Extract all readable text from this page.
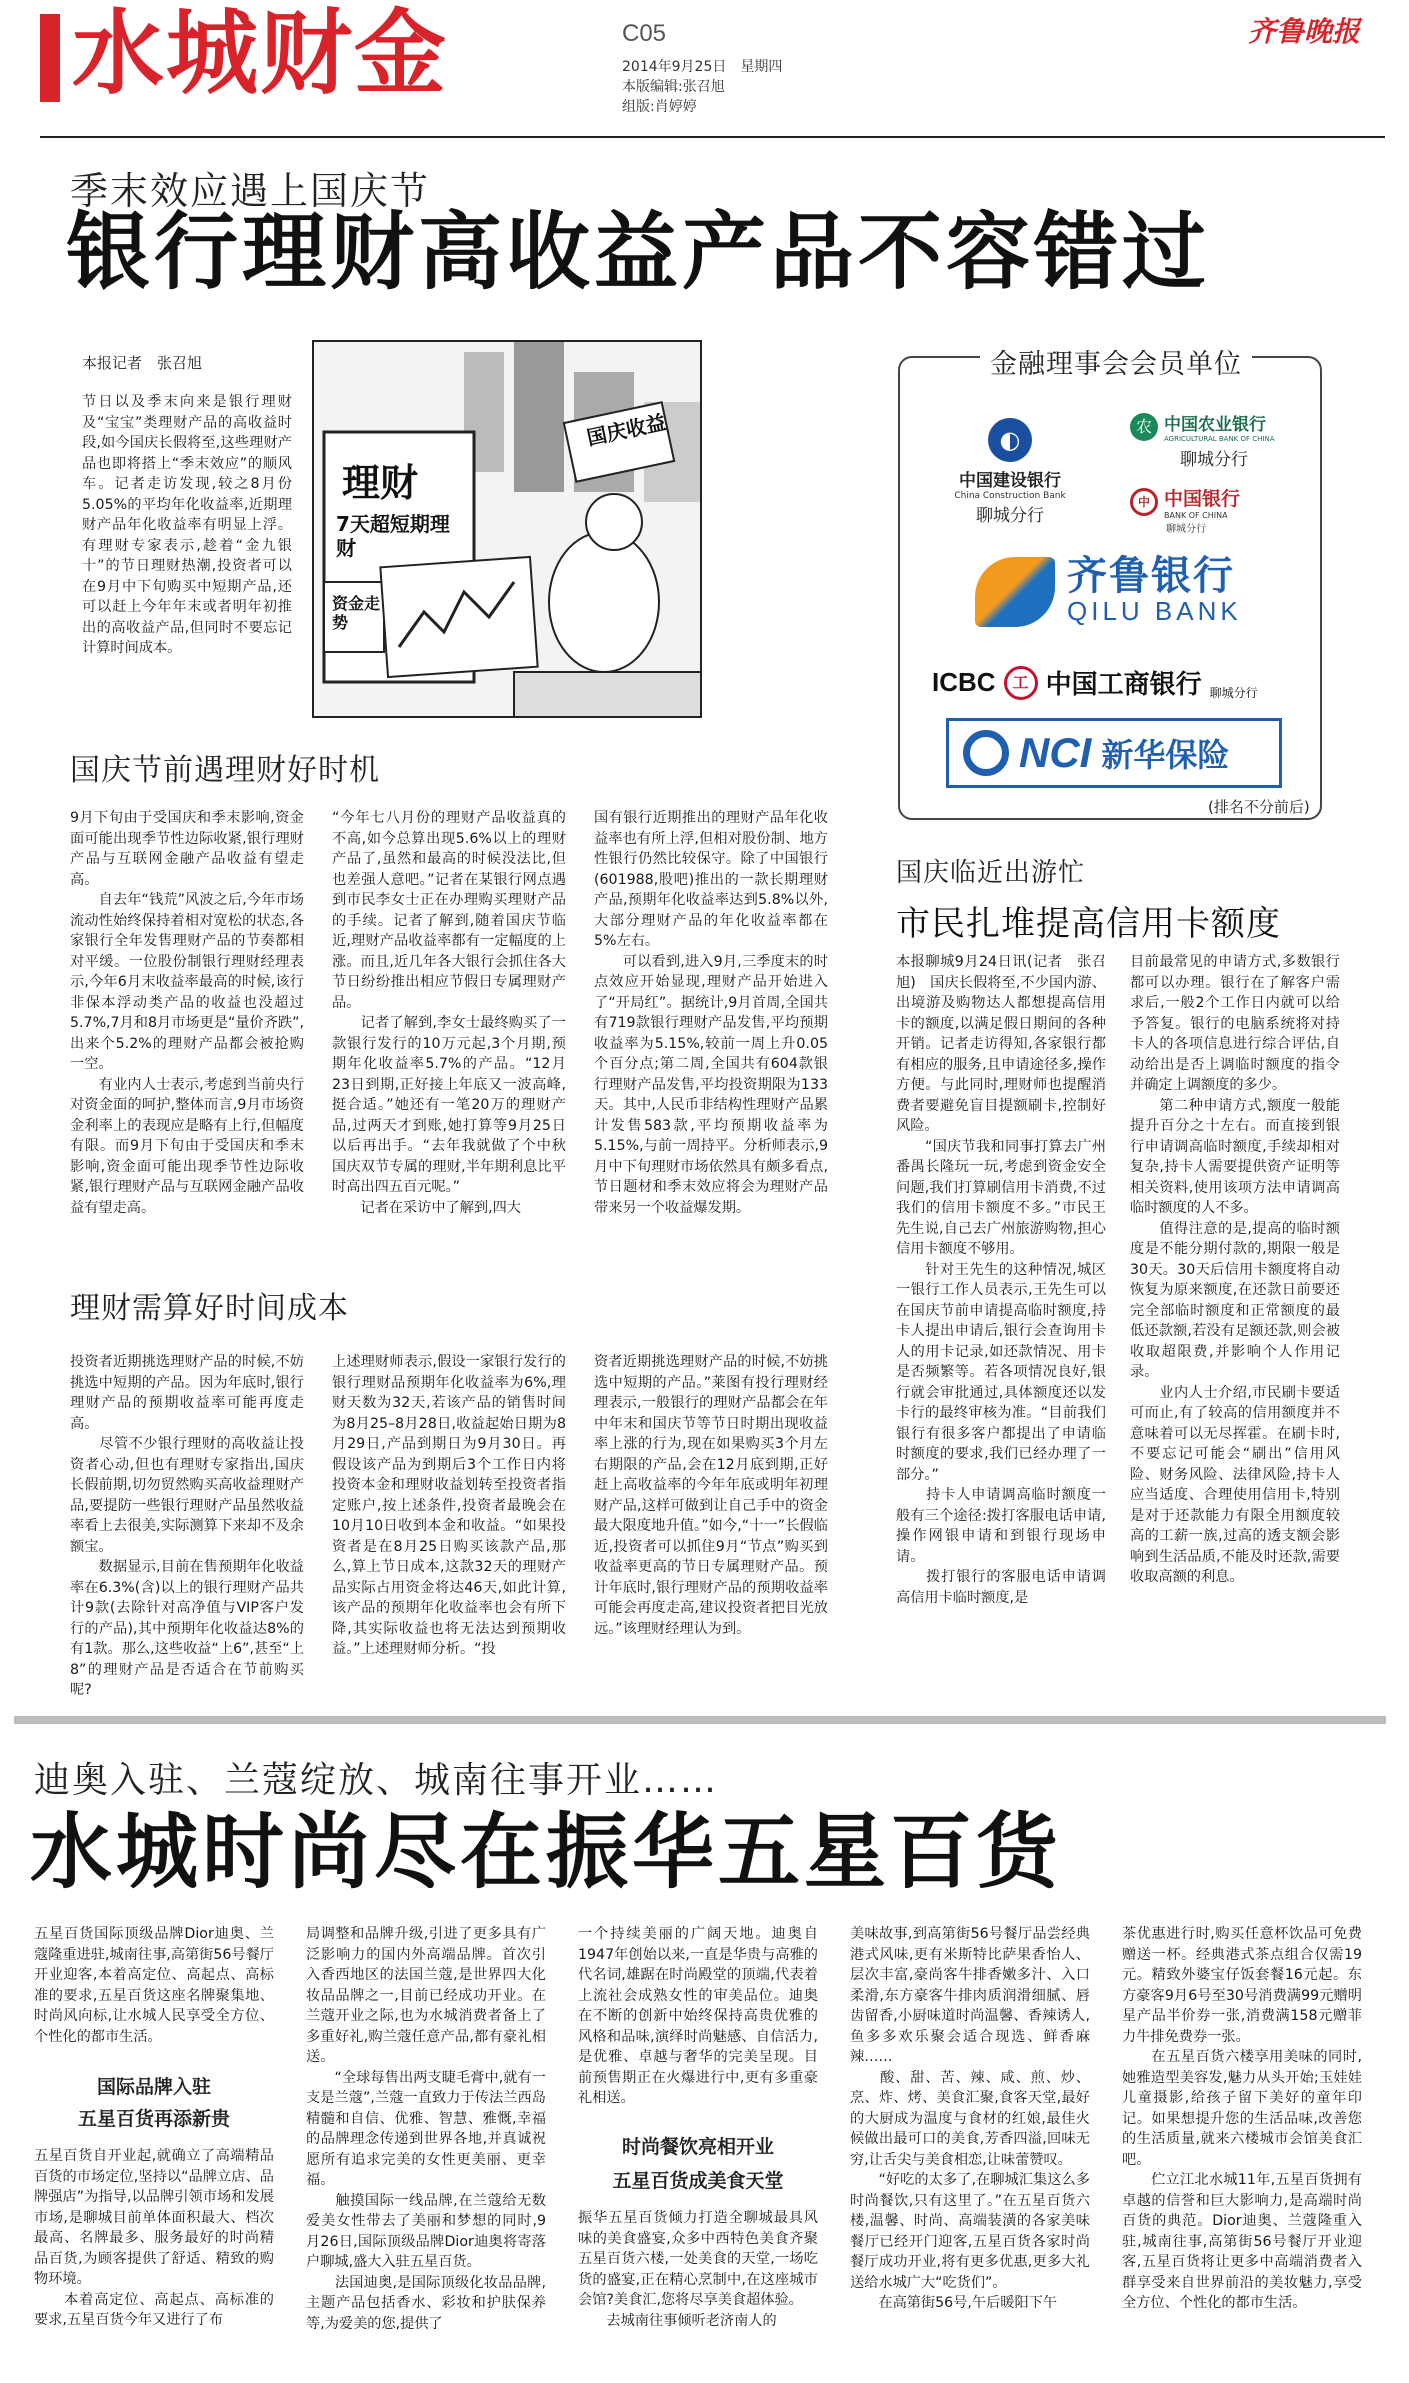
水城财金	C05
2014年9月25日　星期四
本版编辑:张召旭
组版:肖婷婷
齐鲁晚报
季末效应遇上国庆节
银行理财高收益产品不容错过
本报记者　张召旭
节日以及季末向来是银行理财及“宝宝”类理财产品的高收益时段,如今国庆长假将至,这些理财产品也即将搭上“季末效应”的顺风车。记者走访发现,较之8月份5.05%的平均年化收益率,近期理财产品年化收益率有明显上浮。有理财专家表示,趁着“金九银十”的节日理财热潮,投资者可以在9月中下旬购买中短期产品,还可以赶上今年年末或者明年初推出的高收益产品,但同时不要忘记计算时间成本。
理财
7天超短期理财
资金走势
国庆收益
金融理事会会员单位
◐
中国建设银行
China Construction Bank
聊城分行
农 中国农业银行
AGRICULTURAL BANK OF CHINA
聊城分行
中 中国银行
BANK OF CHINA
聊城分行
齐鲁银行
QILU BANK
ICBC	工 中国工商银行 聊城分行
NCI 新华保险
(排名不分前后)
国庆节前遇理财好时机
9月下旬由于受国庆和季末影响,资金面可能出现季节性边际收紧,银行理财产品与互联网金融产品收益有望走高。
　　自去年“钱荒”风波之后,今年市场流动性始终保持着相对宽松的状态,各家银行全年发售理财产品的节奏都相对平缓。一位股份制银行理财经理表示,今年6月末收益率最高的时候,该行非保本浮动类产品的收益也没超过5.7%,7月和8月市场更是“量价齐跌”,出来个5.2%的理财产品都会被抢购一空。
　　有业内人士表示,考虑到当前央行对资金面的呵护,整体而言,9月市场资金利率上的表现应是略有上行,但幅度有限。而9月下旬由于受国庆和季末影响,资金面可能出现季节性边际收紧,银行理财产品与互联网金融产品收益有望走高。
“今年七八月份的理财产品收益真的不高,如今总算出现5.6%以上的理财产品了,虽然和最高的时候没法比,但也差强人意吧。”记者在某银行网点遇到市民李女士正在办理购买理财产品的手续。记者了解到,随着国庆节临近,理财产品收益率都有一定幅度的上涨。而且,近几年各大银行会抓住各大节日纷纷推出相应节假日专属理财产品。
　　记者了解到,李女士最终购买了一款银行发行的10万元起,3个月期,预期年化收益率5.7%的产品。“12月23日到期,正好接上年底又一波高峰,挺合适。”她还有一笔20万的理财产品,过两天才到账,她打算等9月25日以后再出手。“去年我就做了个中秋国庆双节专属的理财,半年期利息比平时高出四五百元呢。”
　　记者在采访中了解到,四大
国有银行近期推出的理财产品年化收益率也有所上浮,但相对股份制、地方性银行仍然比较保守。除了中国银行(601988,股吧)推出的一款长期理财产品,预期年化收益率达到5.8%以外,大部分理财产品的年化收益率都在5%左右。
　　可以看到,进入9月,三季度末的时点效应开始显现,理财产品开始进入了“开局红”。据统计,9月首周,全国共有719款银行理财产品发售,平均预期收益率为5.15%,较前一周上升0.05个百分点;第二周,全国共有604款银行理财产品发售,平均投资期限为133天。其中,人民币非结构性理财产品累计发售583款,平均预期收益率为5.15%,与前一周持平。分析师表示,9月中下旬理财市场依然具有颇多看点,节日题材和季末效应将会为理财产品带来另一个收益爆发期。
理财需算好时间成本
投资者近期挑选理财产品的时候,不妨挑选中短期的产品。因为年底时,银行理财产品的预期收益率可能再度走高。
　　尽管不少银行理财的高收益让投资者心动,但也有理财专家指出,国庆长假前期,切勿贸然购买高收益理财产品,要提防一些银行理财产品虽然收益率看上去很美,实际测算下来却不及余额宝。
　　数据显示,目前在售预期年化收益率在6.3%(含)以上的银行理财产品共计9款(去除针对高净值与VIP客户发行的产品),其中预期年化收益达8%的有1款。那么,这些收益“上6”,甚至“上8”的理财产品是否适合在节前购买呢?
上述理财师表示,假设一家银行发行的银行理财品预期年化收益率为6%,理财天数为32天,若该产品的销售时间为8月25–8月28日,收益起始日期为8月29日,产品到期日为9月30日。再假设该产品为到期后3个工作日内将投资本金和理财收益划转至投资者指定账户,按上述条件,投资者最晚会在10月10日收到本金和收益。“如果投资者是在8月25日购买该款产品,那么,算上节日成本,这款32天的理财产品实际占用资金将达46天,如此计算,该产品的预期年化收益率也会有所下降,其实际收益也将无法达到预期收益。”上述理财师分析。“投
资者近期挑选理财产品的时候,不妨挑选中短期的产品。”莱图有投行理财经理表示,一般银行的理财产品都会在年中年末和国庆节等节日时期出现收益率上涨的行为,现在如果购买3个月左右期限的产品,会在12月底到期,正好赶上高收益率的今年年底或明年初理财产品,这样可做到让自己手中的资金最大限度地升值。”如今,“十一”长假临近,投资者可以抓住9月“节点”购买到收益率更高的节日专属理财产品。预计年底时,银行理财产品的预期收益率可能会再度走高,建议投资者把目光放远。”该理财经理认为到。
国庆临近出游忙
市民扎堆提高信用卡额度
本报聊城9月24日讯(记者　张召旭)　国庆长假将至,不少国内游、出境游及购物达人都想提高信用卡的额度,以满足假日期间的各种开销。记者走访得知,各家银行都有相应的服务,且申请途径多,操作方便。与此同时,理财师也提醒消费者要避免盲目提额刷卡,控制好风险。
　　“国庆节我和同事打算去广州番禺长隆玩一玩,考虑到资金安全问题,我们打算刷信用卡消费,不过我们的信用卡额度不多。”市民王先生说,自己去广州旅游购物,担心信用卡额度不够用。
　　针对王先生的这种情况,城区一银行工作人员表示,王先生可以在国庆节前申请提高临时额度,持卡人提出申请后,银行会查询用卡人的用卡记录,如还款情况、用卡是否频繁等。若各项情况良好,银行就会审批通过,具体额度还以发卡行的最终审核为准。“目前我们银行有很多客户都提出了申请临时额度的要求,我们已经办理了一部分。”
　　持卡人申请调高临时额度一般有三个途径:拨打客服电话申请,操作网银申请和到银行现场申请。
　　拨打银行的客服电话申请调高信用卡临时额度,是
目前最常见的申请方式,多数银行都可以办理。银行在了解客户需求后,一般2个工作日内就可以给予答复。银行的电脑系统将对持卡人的各项信息进行综合评估,自动给出是否上调临时额度的指令并确定上调额度的多少。
　　第二种申请方式,额度一般能提升百分之十左右。而直接到银行申请调高临时额度,手续却相对复杂,持卡人需要提供资产证明等相关资料,使用该项方法申请调高临时额度的人不多。
　　值得注意的是,提高的临时额度是不能分期付款的,期限一般是30天。30天后信用卡额度将自动恢复为原来额度,在还款日前要还完全部临时额度和正常额度的最低还款额,若没有足额还款,则会被收取超限费,并影响个人作用记录。
　　业内人士介绍,市民刷卡要适可而止,有了较高的信用额度并不意味着可以无尽挥霍。在刷卡时,不要忘记可能会“刷出”信用风险、财务风险、法律风险,持卡人应当适度、合理使用信用卡,特别是对于还款能力有限全用额度较高的工薪一族,过高的透支额会影响到生活品质,不能及时还款,需要收取高额的利息。
迪奥入驻、兰蔻绽放、城南往事开业……
水城时尚尽在振华五星百货
五星百货国际顶级品牌Dior迪奥、兰蔻隆重进驻,城南往事,高第街56号餐厅开业迎客,本着高定位、高起点、高标准的要求,五星百货这座名牌聚集地、时尚风向标,让水城人民享受全方位、个性化的都市生活。
国际品牌入驻
五星百货再添新贵
五星百货自开业起,就确立了高端精品百货的市场定位,坚持以“品牌立店、品牌强店”为指导,以品牌引领市场和发展市场,是聊城目前单体面积最大、档次最高、名牌最多、服务最好的时尚精品百货,为顾客提供了舒适、精致的购物环境。
　　本着高定位、高起点、高标准的要求,五星百货今年又进行了布
局调整和品牌升级,引进了更多具有广泛影响力的国内外高端品牌。首次引入香西地区的法国兰蔻,是世界四大化妆品品牌之一,目前已经成功开业。在兰蔻开业之际,也为水城消费者备上了多重好礼,购兰蔻任意产品,都有豪礼相送。
　　“全球每售出两支睫毛膏中,就有一支是兰蔻”,兰蔻一直致力于传法兰西岛精髓和自信、优雅、智慧、雅慨,幸福的品牌理念传递到世界各地,并真诚祝愿所有追求完美的女性更美丽、更幸福。
　　触摸国际一线品牌,在兰蔻给无数爱美女性带去了美丽和梦想的同时,9月26日,国际顶级品牌Dior迪奥将寄落户聊城,盛大入驻五星百货。
　　法国迪奥,是国际顶级化妆品品牌,主题产品包括香水、彩妆和护肤保养等,为爱美的您,提供了
一个持续美丽的广阔天地。迪奥自1947年创始以来,一直是华贵与高雅的代名词,雄踞在时尚殿堂的顶端,代表着上流社会成熟女性的审美品位。迪奥在不断的创新中始终保持高贵优雅的风格和品味,演绎时尚魅感、自信活力,是优雅、卓越与奢华的完美呈现。目前预售期正在火爆进行中,更有多重豪礼相送。
时尚餐饮亮相开业
五星百货成美食天堂
振华五星百货倾力打造全聊城最具风味的美食盛宴,众多中西特色美食齐聚五星百货六楼,一处美食的天堂,一场吃货的盛宴,正在精心烹制中,在这座城市会馆?美食汇,您将尽享美食超体验。
　　去城南往事倾听老济南人的
美味故事,到高第街56号餐厅品尝经典港式风味,更有米斯特比萨果香怡人、层次丰富,豪尚客牛排香嫩多汁、入口柔滑,东方豪客牛排肉质润滑细腻、唇齿留香,小厨味道时尚温馨、香辣诱人,鱼多多欢乐聚会适合现选、鲜香麻辣……
　　酸、甜、苦、辣、咸、煎、炒、烹、炸、烤、美食汇聚,食客天堂,最好的大厨成为温度与食材的红娘,最佳火候做出最可口的美食,芳香四溢,回味无穷,让舌尖与美食相恋,让味蕾赞叹。
　　“好吃的太多了,在聊城汇集这么多时尚餐饮,只有这里了。”在五星百货六楼,温馨、时尚、高端装潢的各家美味餐厅已经开门迎客,五星百货各家时尚餐厅成功开业,将有更多优惠,更多大礼送给水城广大“吃货们”。
　　在高第街56号,午后暖阳下午
茶优惠进行时,购买任意杯饮品可免费赠送一杯。经典港式茶点组合仅需19元。精致外婆宝仔饭套餐16元起。东方豪客9月6号至30号消费满99元赠明星产品半价券一张,消费满158元赠菲力牛排免费券一张。
　　在五星百货六楼享用美味的同时,她雅造型美容发,魅力从头开始;玉娃娃儿童摄影,给孩子留下美好的童年印记。如果想提升您的生活品味,改善您的生活质量,就来六楼城市会馆美食汇吧。
　　伫立江北水城11年,五星百货拥有卓越的信誉和巨大影响力,是高端时尚百货的典范。Dior迪奥、兰蔻隆重入驻,城南往事,高第街56号餐厅开业迎客,五星百货将让更多中高端消费者入群享受来自世界前沿的美妆魅力,享受全方位、个性化的都市生活。
